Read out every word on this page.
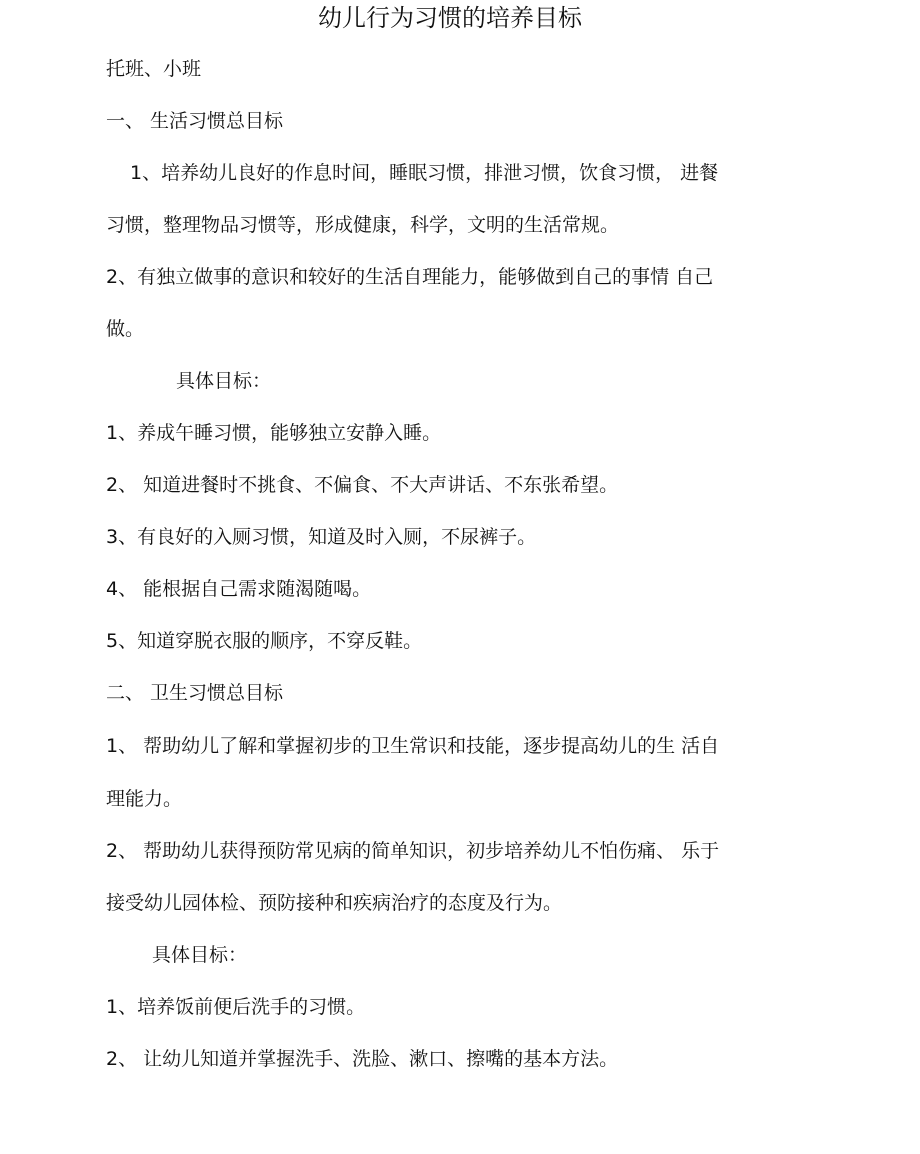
幼儿行为习惯的培养目标
托班、小班
一、 生活习惯总目标
1、培养幼儿良好的作息时间，睡眠习惯，排泄习惯，饮食习惯， 进餐
习惯，整理物品习惯等，形成健康，科学，文明的生活常规。
2、有独立做事的意识和较好的生活自理能力，能够做到自己的事情 自己
做。
具体目标：
1、养成午睡习惯，能够独立安静入睡。
2、 知道进餐时不挑食、不偏食、不大声讲话、不东张希望。
3、有良好的入厕习惯，知道及时入厕，不尿裤子。
4、 能根据自己需求随渴随喝。
5、知道穿脱衣服的顺序，不穿反鞋。
二、 卫生习惯总目标
1、 帮助幼儿了解和掌握初步的卫生常识和技能，逐步提高幼儿的生 活自
理能力。
2、 帮助幼儿获得预防常见病的简单知识，初步培养幼儿不怕伤痛、 乐于
接受幼儿园体检、预防接种和疾病治疗的态度及行为。
具体目标：
1、培养饭前便后洗手的习惯。
2、 让幼儿知道并掌握洗手、洗脸、漱口、擦嘴的基本方法。
